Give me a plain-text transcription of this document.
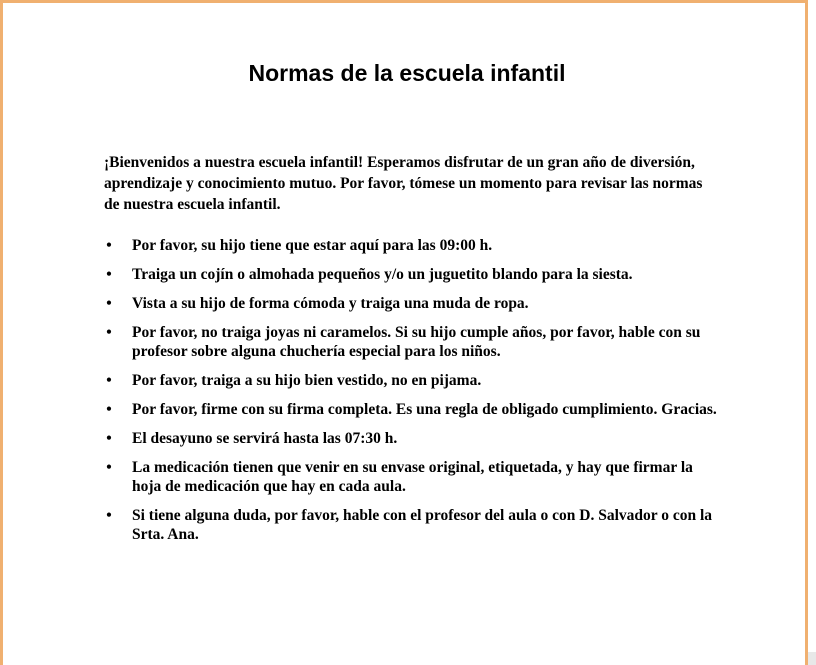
Normas de la escuela infantil

¡Bienvenidos a nuestra escuela infantil! Esperamos disfrutar de un gran año de diversión, aprendizaje y conocimiento mutuo. Por favor, tómese un momento para revisar las normas de nuestra escuela infantil.

• Por favor, su hijo tiene que estar aquí para las 09:00 h.
• Traiga un cojín o almohada pequeños y/o un juguetito blando para la siesta.
• Vista a su hijo de forma cómoda y traiga una muda de ropa.
• Por favor, no traiga joyas ni caramelos. Si su hijo cumple años, por favor, hable con su profesor sobre alguna chuchería especial para los niños.
• Por favor, traiga a su hijo bien vestido, no en pijama.
• Por favor, firme con su firma completa. Es una regla de obligado cumplimiento. Gracias.
• El desayuno se servirá hasta las 07:30 h.
• La medicación tienen que venir en su envase original, etiquetada, y hay que firmar la hoja de medicación que hay en cada aula.
• Si tiene alguna duda, por favor, hable con el profesor del aula o con D. Salvador o con la Srta. Ana.
